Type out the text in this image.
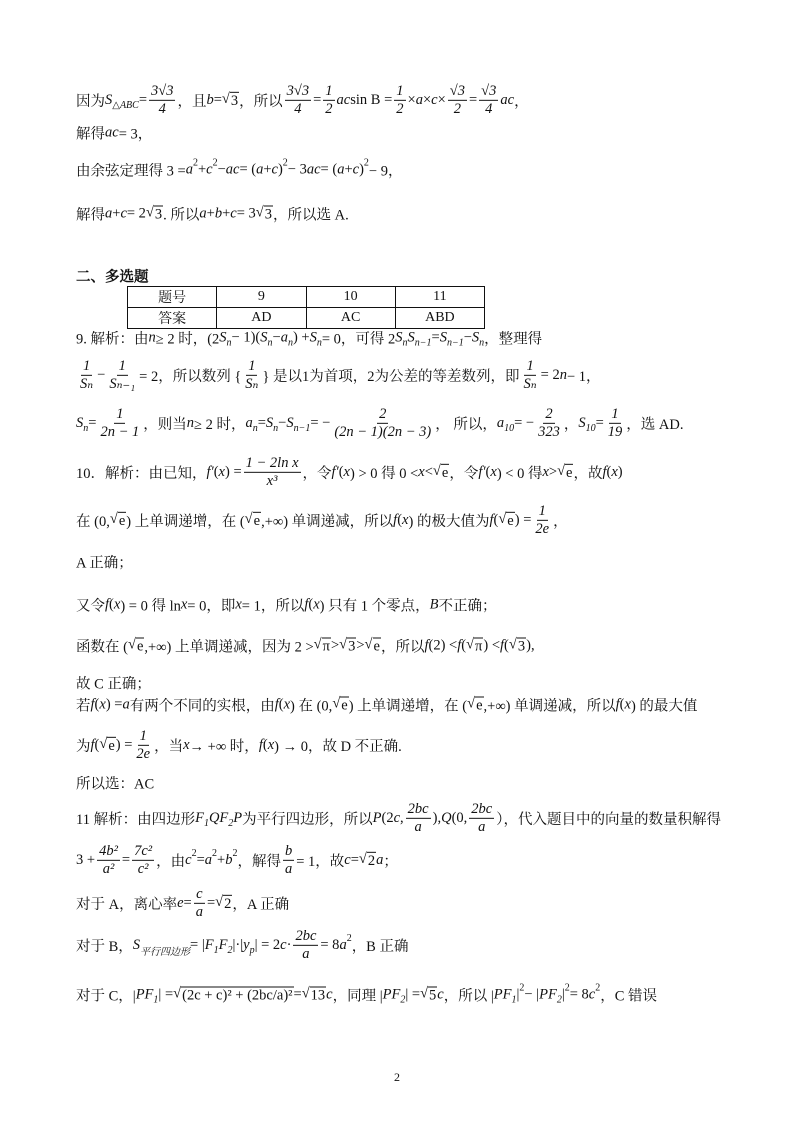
因为 S △ABC = $\frac{3√3}{4}$ ，且 b = √ 3 ，所以 $\frac{3√3}{4} = \frac{1}{2}$ ac $\sin B = \frac{1}{2} \times a \times c \times \frac{√3}{2} = \frac{√3}{4}$ ac ，
解得 ac = 3，
由余弦定理得 3 = a 2 + c 2 − ac = ( a + c ) 2 − 3 ac = ( a + c ) 2
− 9，
解得 a + c = 2 √ 3 . 所以 a + b + c = 3 √ 3 ，所以选 A.
9. 解析：由 n ≥ 2 时，(2 S n − 1)( S n − a n ) + S n = 0，可得 2 S n S n−1 = S n−1 − S n ，整理得
$\frac{1}{\text{Sₙ}} - \frac{1}{\text{Sₙ₋₁}} = 2$，所以数列 { $\frac{1}{\text{Sₙ}}$ } 是以1为首项，2为公差的等差数列，即 $\frac{1}{\text{Sₙ}} = 2$ n − 1，
S $n = \frac{1}{2n - 1}$ ，则当 n ≥ 2 时， a n = S n − S n−1 = − $\frac{2}{(2n - 1)(2n - 3)}$ ， 所以， a 10 = − $\frac{2}{323}$ ， S $10 = \frac{1}{19}$ ，选 AD.
10．解析：由已知， f′ ( x ) = $\frac{\text{1 − 2ln x}}{\text{x³}}$ ，令 f′ ( x ) > 0 得 0 < x < √ e ，令 f′ ( x ) < 0 得 x > √ e ，故 f ( x )
在 (0, √ e ) 上单调递增，在 ( √ e ,+∞) 单调递减，所以 f ( x ) 的极大值为 f ( √ e ) = $\frac{1}{2e}$ ，
A 正确；
又令 f ( x ) = 0 得 ln x = 0，即 x = 1，所以 f ( x ) 只有 1 个零点， B 不正确；
函数在 ( √ e ,+∞) 上单调递减，因为 2 > √ π > √ 3 > √ e ，所以 f (2) < f ( √ π ) < f ( √ 3 ),
故 C 正确；
若 f ( x ) = a 有两个不同的实根，由 f ( x ) 在 (0, √ e ) 上单调递增，在 ( √ e ,+∞) 单调递减，所以 f ( x ) 的最大值
为 f ( √ e ) = $\frac{1}{2e}$ ，当 x → +∞ 时， f ( x ) → 0，故 D 不正确.
所以选：AC
11 解析：由四边形 F 1 QF 2 P 为平行四边形，所以 P (2 c , $\frac{2bc}{a}$ ), Q (0, $\frac{2bc}{a}$ ），代入题目中的向量的数量积解得
$3 + \frac{\text{4b²}}{\text{a²}} = \frac{\text{7c²}}{\text{c²}}$ ，由 c 2 = a 2 + b 2
，解得 $\frac{b}{a} = 1$，故 c = √ 2 a ；
对于 A，离心率 $e = \frac{c}{a}$ = √ 2 ，A 正确
对于 B， S 平行四边形 = | F 1 F 2 |·| y p | = 2 $c \cdot \frac{2bc}{a} = 8$ a 2
，B 正确
对于 C，| PF 1 | = √ (2c + c)² + (2bc/a)² = √ 13 c ，同理 | PF 2 | = √ 5 c ，所以 | PF 1 | 2 − | PF 2 | 2 = 8 c 2
，C 错误
二、多选题
题号	9	10	11
答案	AD	AC	ABD
2
